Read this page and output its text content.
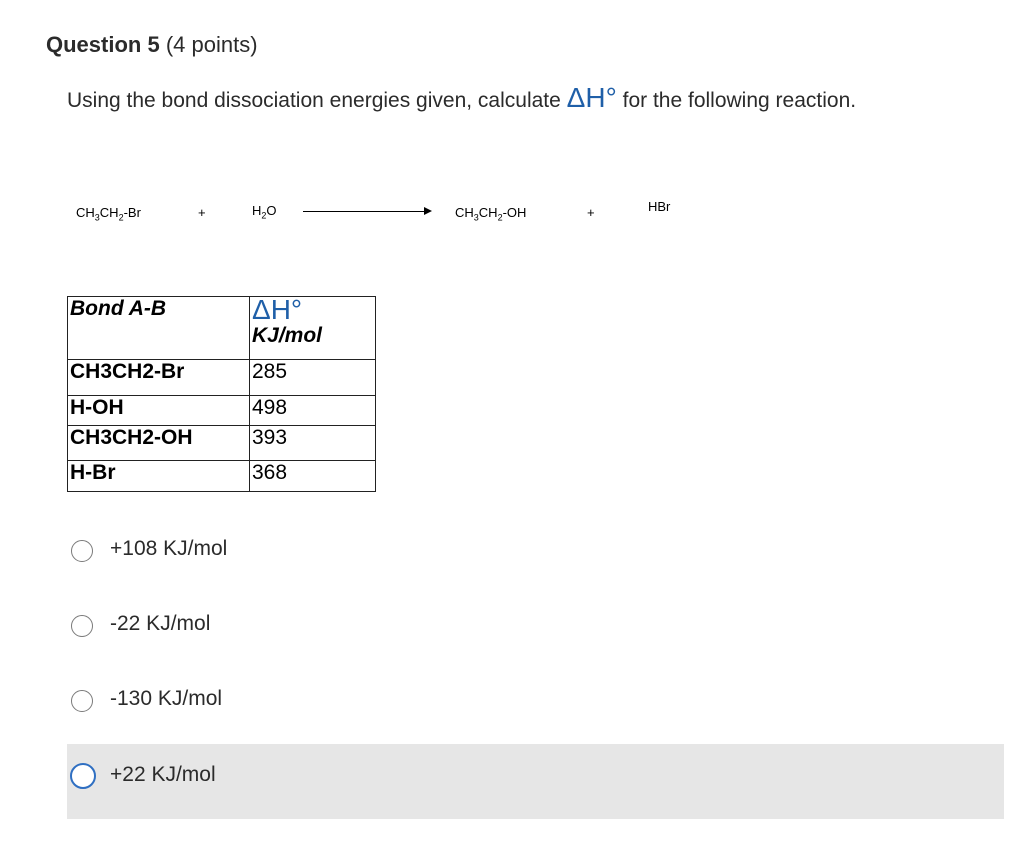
Question 5 (4 points)
Using the bond dissociation energies given, calculate ΔH° for the following reaction.
$CH_3CH_2-Br$	+	$H_2O$	$CH_3CH_2-OH$	+	HBr
Bond A-B	ΔH°
KJ/mol

CH3CH2-Br	285
H-OH	498
CH3CH2-OH	393
H-Br	368
+108 KJ/mol
-22 KJ/mol
-130 KJ/mol
+22 KJ/mol
